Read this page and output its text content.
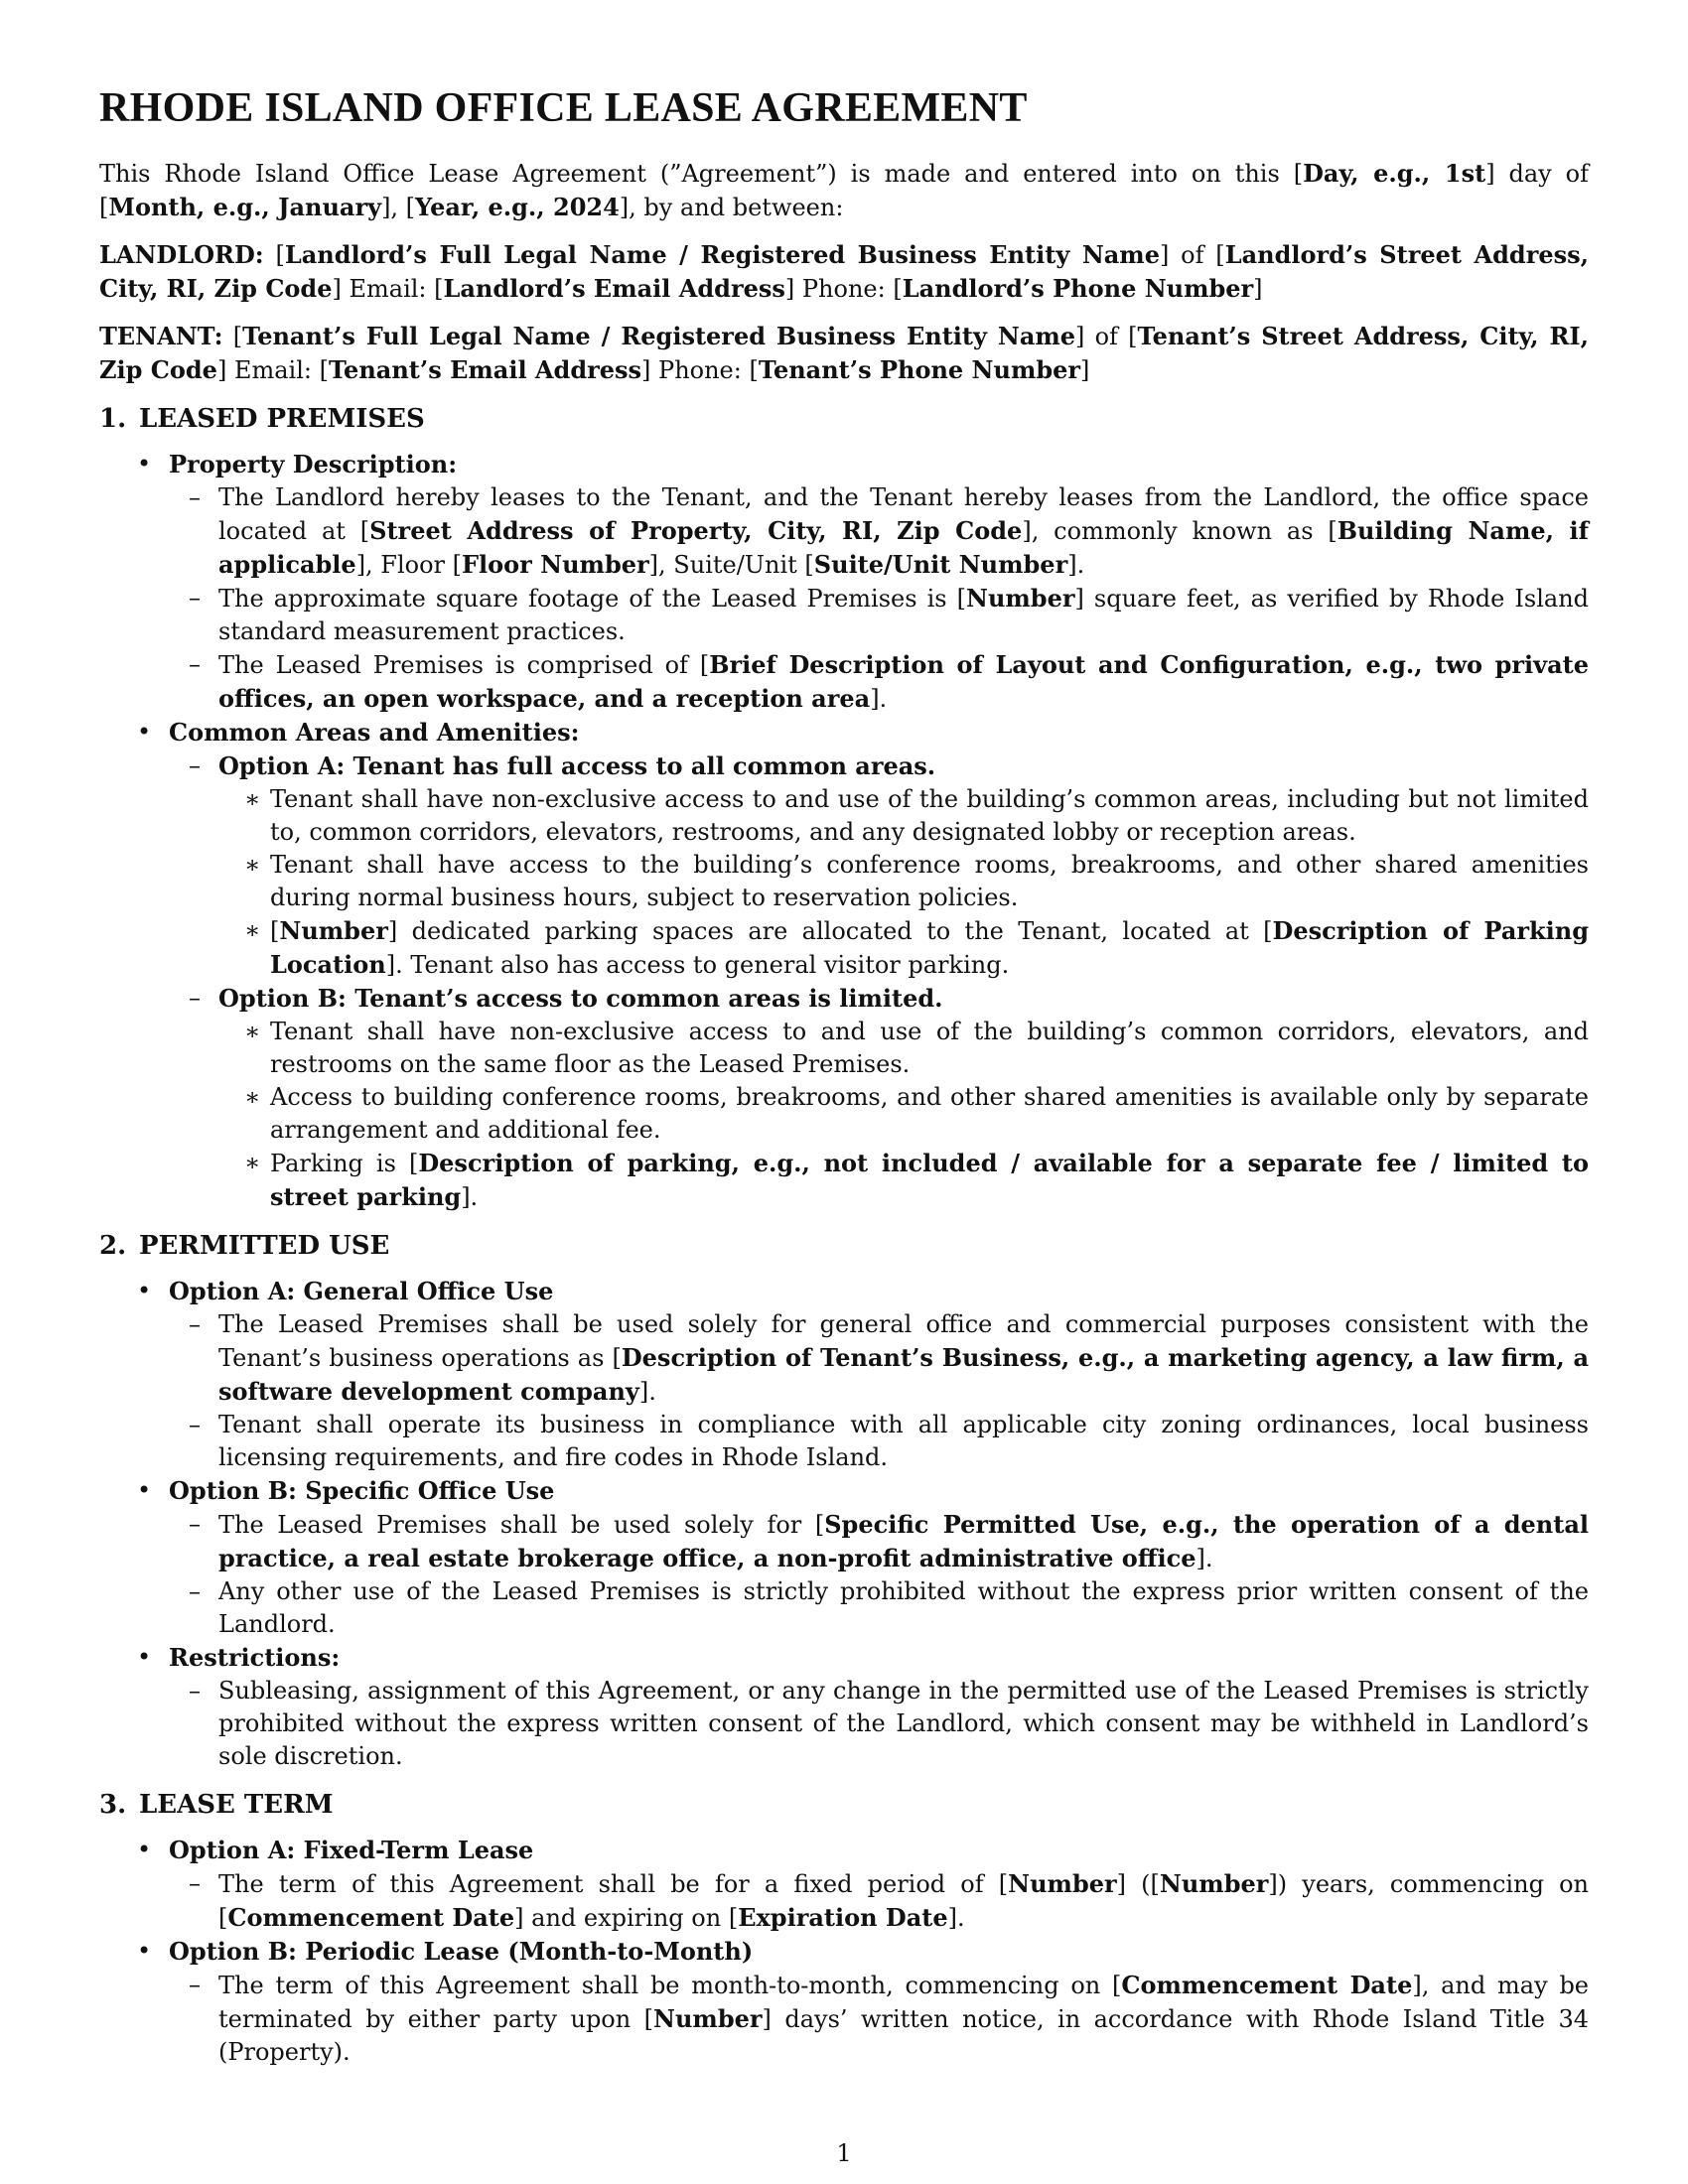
RHODE ISLAND OFFICE LEASE AGREEMENT

This Rhode Island Office Lease Agreement (”Agreement”) is made and entered into on this [Day, e.g., 1st] day of [Month, e.g., January], [Year, e.g., 2024], by and between:

LANDLORD: [Landlord’s Full Legal Name / Registered Business Entity Name] of [Landlord’s Street Address, City, RI, Zip Code] Email: [Landlord’s Email Address] Phone: [Landlord’s Phone Number]

TENANT: [Tenant’s Full Legal Name / Registered Business Entity Name] of [Tenant’s Street Address, City, RI, Zip Code] Email: [Tenant’s Email Address] Phone: [Tenant’s Phone Number]

1. LEASED PREMISES
• Property Description:
– The Landlord hereby leases to the Tenant, and the Tenant hereby leases from the Landlord, the office space located at [Street Address of Property, City, RI, Zip Code], commonly known as [Building Name, if applicable], Floor [Floor Number], Suite/Unit [Suite/Unit Number].
– The approximate square footage of the Leased Premises is [Number] square feet, as verified by Rhode Island standard measurement practices.
– The Leased Premises is comprised of [Brief Description of Layout and Configuration, e.g., two private offices, an open workspace, and a reception area].
• Common Areas and Amenities:
– Option A: Tenant has full access to all common areas.
∗ Tenant shall have non-exclusive access to and use of the building’s common areas, including but not limited to, common corridors, elevators, restrooms, and any designated lobby or reception areas.
∗ Tenant shall have access to the building’s conference rooms, breakrooms, and other shared amenities during normal business hours, subject to reservation policies.
∗ [Number] dedicated parking spaces are allocated to the Tenant, located at [Description of Parking Location]. Tenant also has access to general visitor parking.
– Option B: Tenant’s access to common areas is limited.
∗ Tenant shall have non-exclusive access to and use of the building’s common corridors, elevators, and restrooms on the same floor as the Leased Premises.
∗ Access to building conference rooms, breakrooms, and other shared amenities is available only by separate arrangement and additional fee.
∗ Parking is [Description of parking, e.g., not included / available for a separate fee / limited to street parking].
2. PERMITTED USE
• Option A: General Office Use
– The Leased Premises shall be used solely for general office and commercial purposes consistent with the Tenant’s business operations as [Description of Tenant’s Business, e.g., a marketing agency, a law firm, a software development company].
– Tenant shall operate its business in compliance with all applicable city zoning ordinances, local business licensing requirements, and fire codes in Rhode Island.
• Option B: Specific Office Use
– The Leased Premises shall be used solely for [Specific Permitted Use, e.g., the operation of a dental practice, a real estate brokerage office, a non-profit administrative office].
– Any other use of the Leased Premises is strictly prohibited without the express prior written consent of the Landlord.
• Restrictions:
– Subleasing, assignment of this Agreement, or any change in the permitted use of the Leased Premises is strictly prohibited without the express written consent of the Landlord, which consent may be withheld in Landlord’s sole discretion.
3. LEASE TERM
• Option A: Fixed-Term Lease
– The term of this Agreement shall be for a fixed period of [Number] ([Number]) years, commencing on [Commencement Date] and expiring on [Expiration Date].
• Option B: Periodic Lease (Month-to-Month)
– The term of this Agreement shall be month-to-month, commencing on [Commencement Date], and may be terminated by either party upon [Number] days’ written notice, in accordance with Rhode Island Title 34 (Property).
1
